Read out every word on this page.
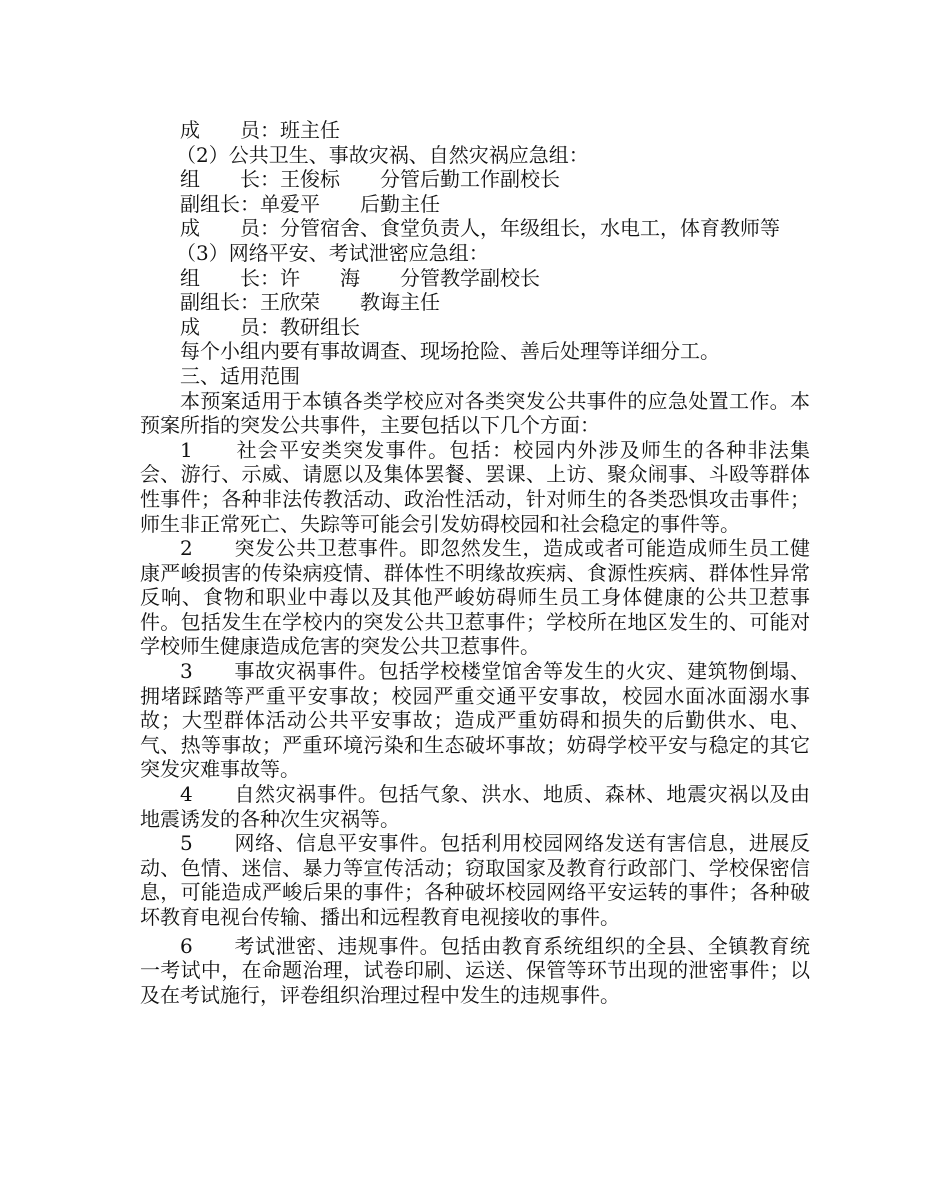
成　　员：班主任

（2）公共卫生、事故灾祸、自然灾祸应急组：

组　　长：王俊标　　分管后勤工作副校长

副组长：单爱平　　后勤主任

成　　员：分管宿舍、食堂负责人，年级组长，水电工，体育教师等

（3）网络平安、考试泄密应急组：

组　　长：许　　海　　分管教学副校长

副组长：王欣荣　　教诲主任

成　　员：教研组长

每个小组内要有事故调查、现场抢险、善后处理等详细分工。

三、适用范围

本预案适用于本镇各类学校应对各类突发公共事件的应急处置工作。本预案所指的突发公共事件，主要包括以下几个方面：

1　　社会平安类突发事件。包括：校园内外涉及师生的各种非法集会、游行、示威、请愿以及集体罢餐、罢课、上访、聚众闹事、斗殴等群体性事件；各种非法传教活动、政治性活动，针对师生的各类恐惧攻击事件；师生非正常死亡、失踪等可能会引发妨碍校园和社会稳定的事件等。

2　　突发公共卫惹事件。即忽然发生，造成或者可能造成师生员工健康严峻损害的传染病疫情、群体性不明缘故疾病、食源性疾病、群体性异常反响、食物和职业中毒以及其他严峻妨碍师生员工身体健康的公共卫惹事件。包括发生在学校内的突发公共卫惹事件；学校所在地区发生的、可能对学校师生健康造成危害的突发公共卫惹事件。

3　　事故灾祸事件。包括学校楼堂馆舍等发生的火灾、建筑物倒塌、拥堵踩踏等严重平安事故；校园严重交通平安事故，校园水面冰面溺水事故；大型群体活动公共平安事故；造成严重妨碍和损失的后勤供水、电、气、热等事故；严重环境污染和生态破坏事故；妨碍学校平安与稳定的其它突发灾难事故等。

4　　自然灾祸事件。包括气象、洪水、地质、森林、地震灾祸以及由地震诱发的各种次生灾祸等。

5　　网络、信息平安事件。包括利用校园网络发送有害信息，进展反动、色情、迷信、暴力等宣传活动；窃取国家及教育行政部门、学校保密信息，可能造成严峻后果的事件；各种破坏校园网络平安运转的事件；各种破坏教育电视台传输、播出和远程教育电视接收的事件。

6　　考试泄密、违规事件。包括由教育系统组织的全县、全镇教育统一考试中，在命题治理，试卷印刷、运送、保管等环节出现的泄密事件；以及在考试施行，评卷组织治理过程中发生的违规事件。
